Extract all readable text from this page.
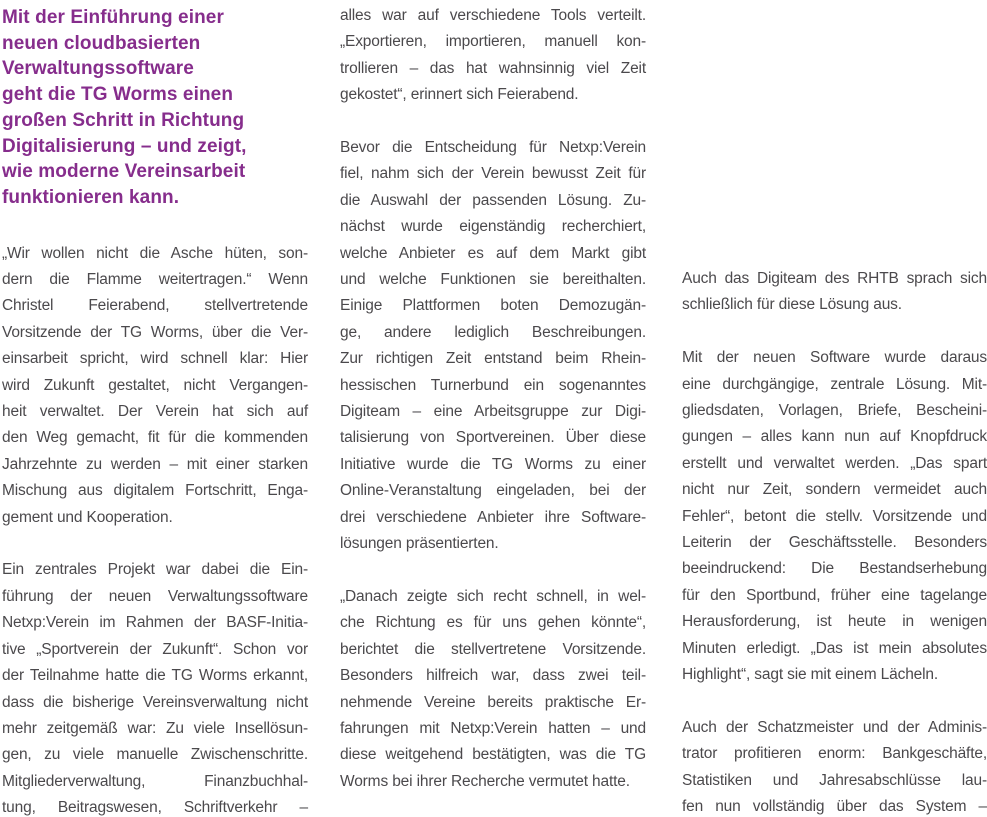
Mit der Einführung einer
neuen cloudbasierten
Verwaltungssoftware
geht die TG Worms einen
großen Schritt in Richtung
Digitalisierung – und zeigt,
wie moderne Vereinsarbeit
funktionieren kann.
„Wir wollen nicht die Asche hüten, son-
dern die Flamme weitertragen.“ Wenn
Christel Feierabend, stellvertretende
Vorsitzende der TG Worms, über die Ver-
einsarbeit spricht, wird schnell klar: Hier
wird Zukunft gestaltet, nicht Vergangen-
heit verwaltet. Der Verein hat sich auf
den Weg gemacht, fit für die kommenden
Jahrzehnte zu werden – mit einer starken
Mischung aus digitalem Fortschritt, Enga-
gement und Kooperation.
Ein zentrales Projekt war dabei die Ein-
führung der neuen Verwaltungssoftware
Netxp:Verein im Rahmen der BASF-Initia-
tive „Sportverein der Zukunft“. Schon vor
der Teilnahme hatte die TG Worms erkannt,
dass die bisherige Vereinsverwaltung nicht
mehr zeitgemäß war: Zu viele Insellösun-
gen, zu viele manuelle Zwischenschritte.
Mitgliederverwaltung, Finanzbuchhal-
tung, Beitragswesen, Schriftverkehr –
alles war auf verschiedene Tools verteilt.
„Exportieren, importieren, manuell kon-
trollieren – das hat wahnsinnig viel Zeit
gekostet“, erinnert sich Feierabend.
Bevor die Entscheidung für Netxp:Verein
fiel, nahm sich der Verein bewusst Zeit für
die Auswahl der passenden Lösung. Zu-
nächst wurde eigenständig recherchiert,
welche Anbieter es auf dem Markt gibt
und welche Funktionen sie bereithalten.
Einige Plattformen boten Demozugän-
ge, andere lediglich Beschreibungen.
Zur richtigen Zeit entstand beim Rhein-
hessischen Turnerbund ein sogenanntes
Digiteam – eine Arbeitsgruppe zur Digi-
talisierung von Sportvereinen. Über diese
Initiative wurde die TG Worms zu einer
Online-Veranstaltung eingeladen, bei der
drei verschiedene Anbieter ihre Software-
lösungen präsentierten.
„Danach zeigte sich recht schnell, in wel-
che Richtung es für uns gehen könnte“,
berichtet die stellvertretene Vorsitzende.
Besonders hilfreich war, dass zwei teil-
nehmende Vereine bereits praktische Er-
fahrungen mit Netxp:Verein hatten – und
diese weitgehend bestätigten, was die TG
Worms bei ihrer Recherche vermutet hatte.
Auch das Digiteam des RHTB sprach sich
schließlich für diese Lösung aus.
Mit der neuen Software wurde daraus
eine durchgängige, zentrale Lösung. Mit-
gliedsdaten, Vorlagen, Briefe, Bescheini-
gungen – alles kann nun auf Knopfdruck
erstellt und verwaltet werden. „Das spart
nicht nur Zeit, sondern vermeidet auch
Fehler“, betont die stellv. Vorsitzende und
Leiterin der Geschäftsstelle. Besonders
beeindruckend: Die Bestandserhebung
für den Sportbund, früher eine tagelange
Herausforderung, ist heute in wenigen
Minuten erledigt. „Das ist mein absolutes
Highlight“, sagt sie mit einem Lächeln.
Auch der Schatzmeister und der Adminis-
trator profitieren enorm: Bankgeschäfte,
Statistiken und Jahresabschlüsse lau-
fen nun vollständig über das System –
